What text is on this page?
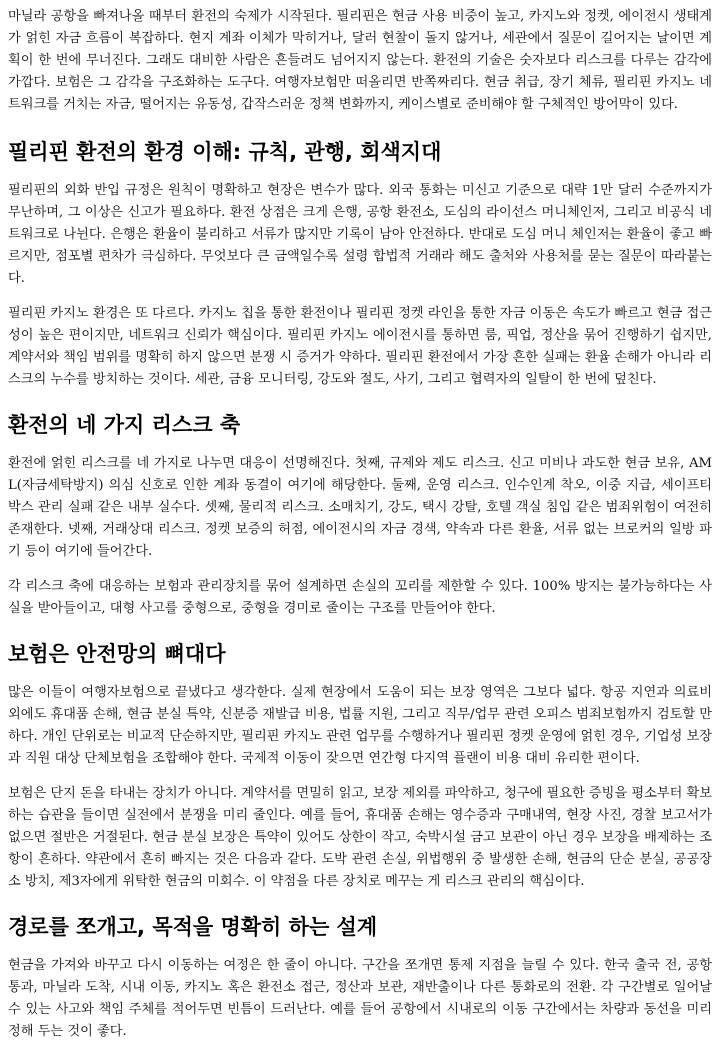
마닐라 공항을 빠져나올 때부터 환전의 숙제가 시작된다. 필리핀은 현금 사용 비중이 높고, 카지노와 정켓, 에이전시 생태계가 얽힌 자금 흐름이 복잡하다. 현지 계좌 이체가 막히거나, 달러 현찰이 돌지 않거나, 세관에서 질문이 길어지는 날이면 계획이 한 번에 무너진다. 그래도 대비한 사람은 흔들려도 넘어지지 않는다. 환전의 기술은 숫자보다 리스크를 다루는 감각에 가깝다. 보험은 그 감각을 구조화하는 도구다. 여행자보험만 떠올리면 반쪽짜리다. 현금 취급, 장기 체류, 필리핀 카지노 네트워크를 거치는 자금, 떨어지는 유동성, 갑작스러운 정책 변화까지, 케이스별로 준비해야 할 구체적인 방어막이 있다.

필리핀 환전의 환경 이해: 규칙, 관행, 회색지대

필리핀의 외화 반입 규정은 원칙이 명확하고 현장은 변수가 많다. 외국 통화는 미신고 기준으로 대략 1만 달러 수준까지가 무난하며, 그 이상은 신고가 필요하다. 환전 상점은 크게 은행, 공항 환전소, 도심의 라이선스 머니체인저, 그리고 비공식 네트워크로 나뉜다. 은행은 환율이 불리하고 서류가 많지만 기록이 남아 안전하다. 반대로 도심 머니 체인저는 환율이 좋고 빠르지만, 점포별 편차가 극심하다. 무엇보다 큰 금액일수록 설령 합법적 거래라 해도 출처와 사용처를 묻는 질문이 따라붙는다.

필리핀 카지노 환경은 또 다르다. 카지노 칩을 통한 환전이나 필리핀 정켓 라인을 통한 자금 이동은 속도가 빠르고 현금 접근성이 높은 편이지만, 네트워크 신뢰가 핵심이다. 필리핀 카지노 에이전시를 통하면 룸, 픽업, 정산을 묶어 진행하기 쉽지만, 계약서와 책임 범위를 명확히 하지 않으면 분쟁 시 증거가 약하다. 필리핀 환전에서 가장 흔한 실패는 환율 손해가 아니라 리스크의 누수를 방치하는 것이다. 세관, 금융 모니터링, 강도와 절도, 사기, 그리고 협력자의 일탈이 한 번에 덮친다.

환전의 네 가지 리스크 축

환전에 얽힌 리스크를 네 가지로 나누면 대응이 선명해진다. 첫째, 규제와 제도 리스크. 신고 미비나 과도한 현금 보유, AML(자금세탁방지) 의심 신호로 인한 계좌 동결이 여기에 해당한다. 둘째, 운영 리스크. 인수인계 착오, 이중 지급, 세이프티 박스 관리 실패 같은 내부 실수다. 셋째, 물리적 리스크. 소매치기, 강도, 택시 강탈, 호텔 객실 침입 같은 범죄위험이 여전히 존재한다. 넷째, 거래상대 리스크. 정켓 보증의 허점, 에이전시의 자금 경색, 약속과 다른 환율, 서류 없는 브로커의 일방 파기 등이 여기에 들어간다.

각 리스크 축에 대응하는 보험과 관리장치를 묶어 설계하면 손실의 꼬리를 제한할 수 있다. 100% 방지는 불가능하다는 사실을 받아들이고, 대형 사고를 중형으로, 중형을 경미로 줄이는 구조를 만들어야 한다.

보험은 안전망의 뼈대다

많은 이들이 여행자보험으로 끝냈다고 생각한다. 실제 현장에서 도움이 되는 보장 영역은 그보다 넓다. 항공 지연과 의료비 외에도 휴대품 손해, 현금 분실 특약, 신분증 재발급 비용, 법률 지원, 그리고 직무/업무 관련 오피스 범죄보험까지 검토할 만하다. 개인 단위로는 비교적 단순하지만, 필리핀 카지노 관련 업무를 수행하거나 필리핀 정켓 운영에 얽힌 경우, 기업성 보장과 직원 대상 단체보험을 조합해야 한다. 국제적 이동이 잦으면 연간형 다지역 플랜이 비용 대비 유리한 편이다.

보험은 단지 돈을 타내는 장치가 아니다. 계약서를 면밀히 읽고, 보장 제외를 파악하고, 청구에 필요한 증빙을 평소부터 확보하는 습관을 들이면 실전에서 분쟁을 미리 줄인다. 예를 들어, 휴대품 손해는 영수증과 구매내역, 현장 사진, 경찰 보고서가 없으면 절반은 거절된다. 현금 분실 보장은 특약이 있어도 상한이 작고, 숙박시설 금고 보관이 아닌 경우 보장을 배제하는 조항이 흔하다. 약관에서 흔히 빠지는 것은 다음과 같다. 도박 관련 손실, 위법행위 중 발생한 손해, 현금의 단순 분실, 공공장소 방치, 제3자에게 위탁한 현금의 미회수. 이 약점을 다른 장치로 메꾸는 게 리스크 관리의 핵심이다.

경로를 쪼개고, 목적을 명확히 하는 설계

현금을 가져와 바꾸고 다시 이동하는 여정은 한 줄이 아니다. 구간을 쪼개면 통제 지점을 늘릴 수 있다. 한국 출국 전, 공항 통과, 마닐라 도착, 시내 이동, 카지노 혹은 환전소 접근, 정산과 보관, 재반출이나 다른 통화로의 전환. 각 구간별로 일어날 수 있는 사고와 책임 주체를 적어두면 빈틈이 드러난다. 예를 들어 공항에서 시내로의 이동 구간에서는 차량과 동선을 미리 정해 두는 것이 좋다.
